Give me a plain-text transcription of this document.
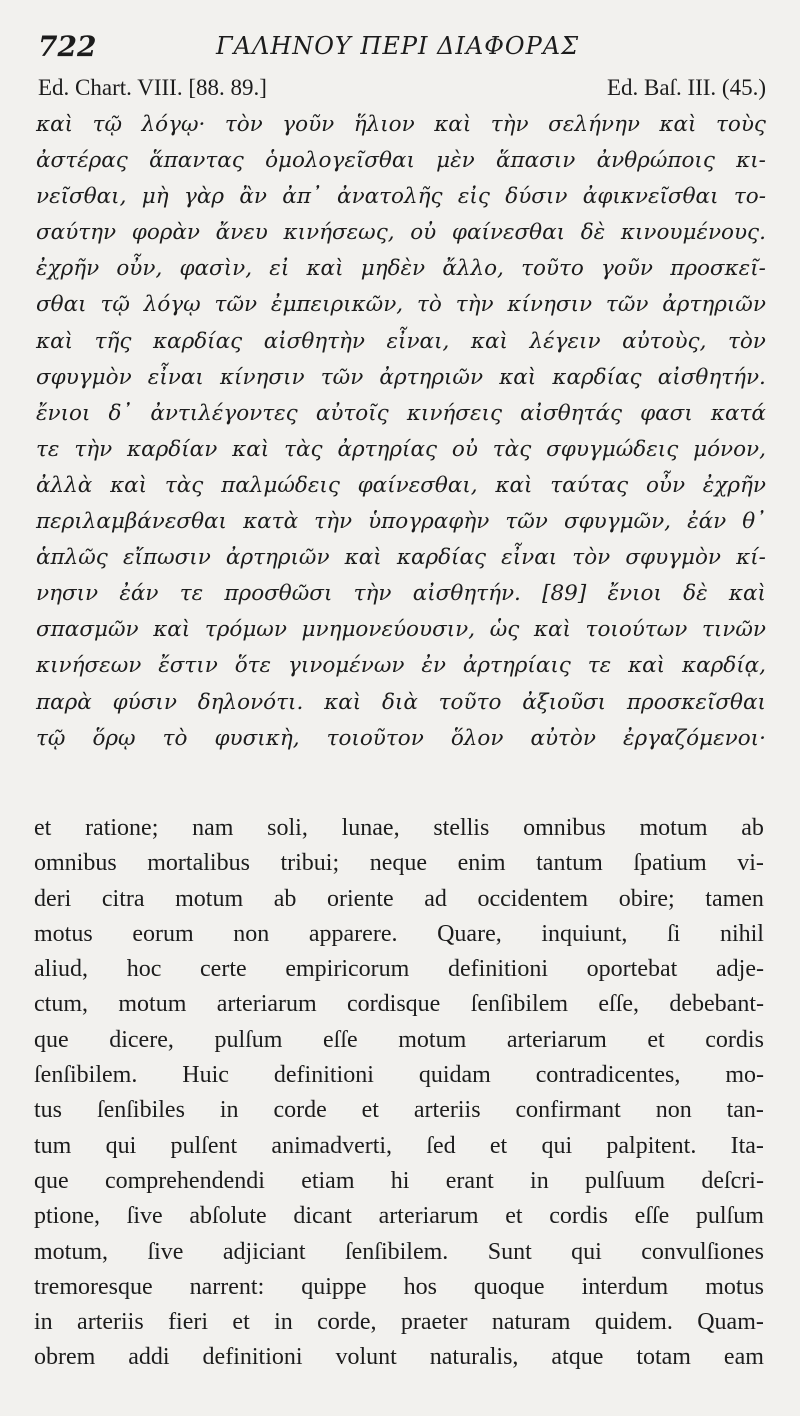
722	ΓΑΛΗΝΟΥ ΠΕΡΙ ΔΙΑΦΟΡΑΣ
Ed. Chart. VIII. [88. 89.]	Ed. Baſ. III. (45.)
καὶ τῷ λόγῳ· τὸν γοῦν ἥλιον καὶ τὴν σελήνην καὶ τοὺς
ἀστέρας ἅπαντας ὁμολογεῖσθαι μὲν ἅπασιν ἀνθρώποις κι-
νεῖσθαι, μὴ γὰρ ἂν ἀπ᾿ ἀνατολῆς εἰς δύσιν ἀφικνεῖσθαι το-
σαύτην φορὰν ἄνευ κινήσεως, οὐ φαίνεσθαι δὲ κινουμένους.
ἐχρῆν οὖν, φασὶν, εἰ καὶ μηδὲν ἄλλο, τοῦτο γοῦν προσκεῖ-
σθαι τῷ λόγῳ τῶν ἐμπειρικῶν, τὸ τὴν κίνησιν τῶν ἀρτηριῶν
καὶ τῆς καρδίας αἰσθητὴν εἶναι, καὶ λέγειν αὐτοὺς, τὸν
σφυγμὸν εἶναι κίνησιν τῶν ἀρτηριῶν καὶ καρδίας αἰσθητήν.
ἔνιοι δ᾿ ἀντιλέγοντες αὐτοῖς κινήσεις αἰσθητάς φασι κατά
τε τὴν καρδίαν καὶ τὰς ἀρτηρίας οὐ τὰς σφυγμώδεις μόνον,
ἀλλὰ καὶ τὰς παλμώδεις φαίνεσθαι, καὶ ταύτας οὖν ἐχρῆν
περιλαμβάνεσθαι κατὰ τὴν ὑπογραφὴν τῶν σφυγμῶν, ἐάν θ᾿
ἁπλῶς εἴπωσιν ἀρτηριῶν καὶ καρδίας εἶναι τὸν σφυγμὸν κί-
νησιν ἐάν τε προσθῶσι τὴν αἰσθητήν. [89] ἔνιοι δὲ καὶ
σπασμῶν καὶ τρόμων μνημονεύουσιν, ὡς καὶ τοιούτων τινῶν
κινήσεων ἔστιν ὅτε γινομένων ἐν ἀρτηρίαις τε καὶ καρδίᾳ,
παρὰ φύσιν δηλονότι. καὶ διὰ τοῦτο ἀξιοῦσι προσκεῖσθαι
τῷ ὅρῳ τὸ φυσικὴ, τοιοῦτον ὅλον αὐτὸν ἐργαζόμενοι·
et ratione; nam soli, lunae, stellis omnibus motum ab
omnibus mortalibus tribui; neque enim tantum ſpatium vi-
deri citra motum ab oriente ad occidentem obire; tamen
motus eorum non apparere. Quare, inquiunt, ſi nihil
aliud, hoc certe empiricorum definitioni oportebat adje-
ctum, motum arteriarum cordisque ſenſibilem eſſe, debebant-
que dicere, pulſum eſſe motum arteriarum et cordis
ſenſibilem. Huic definitioni quidam contradicentes, mo-
tus ſenſibiles in corde et arteriis confirmant non tan-
tum qui pulſent animadverti, ſed et qui palpitent. Ita-
que comprehendendi etiam hi erant in pulſuum deſcri-
ptione, ſive abſolute dicant arteriarum et cordis eſſe pulſum
motum, ſive adjiciant ſenſibilem. Sunt qui convulſiones
tremoresque narrent: quippe hos quoque interdum motus
in arteriis fieri et in corde, praeter naturam quidem. Quam-
obrem addi definitioni volunt naturalis, atque totam eam
